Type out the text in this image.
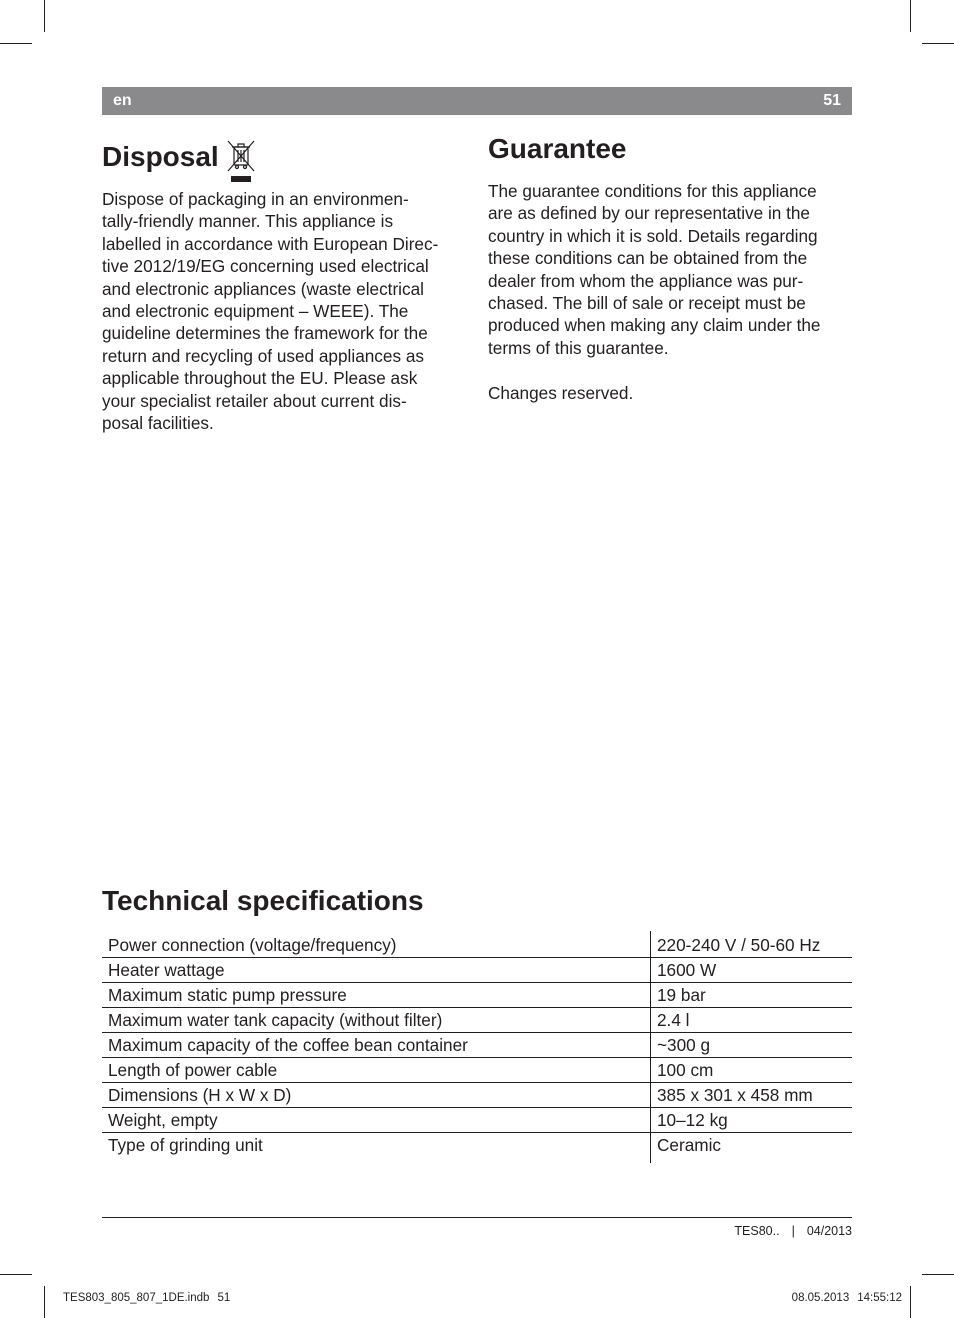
en	51
Disposal

Dispose of packaging in an environmen-
tally-friendly manner. This appliance is
labelled in accordance with European Direc-
tive 2012/19/EG concerning used electrical
and electronic appliances (waste electrical
and electronic equipment – WEEE). The
guideline determines the framework for the
return and recycling of used appliances as
applicable throughout the EU. Please ask
your specialist retailer about current dis-
posal facilities.

Guarantee

The guarantee conditions for this appliance
are as defined by our representative in the
country in which it is sold. Details regarding
these conditions can be obtained from the
dealer from whom the appliance was pur-
chased. The bill of sale or receipt must be
produced when making any claim under the
terms of this guarantee.

Changes reserved.

Technical specifications
Power connection (voltage/frequency)	220-240 V / 50-60 Hz
Heater wattage	1600 W
Maximum static pump pressure	19 bar
Maximum water tank capacity (without filter)	2.4 l
Maximum capacity of the coffee bean container	~300 g
Length of power cable	100 cm
Dimensions (H x W x D)	385 x 301 x 458 mm
Weight, empty	10–12 kg
Type of grinding unit	Ceramic
TES80.. | 04/2013
TES803_805_807_1DE.indb 51	08.05.2013 14:55:12
